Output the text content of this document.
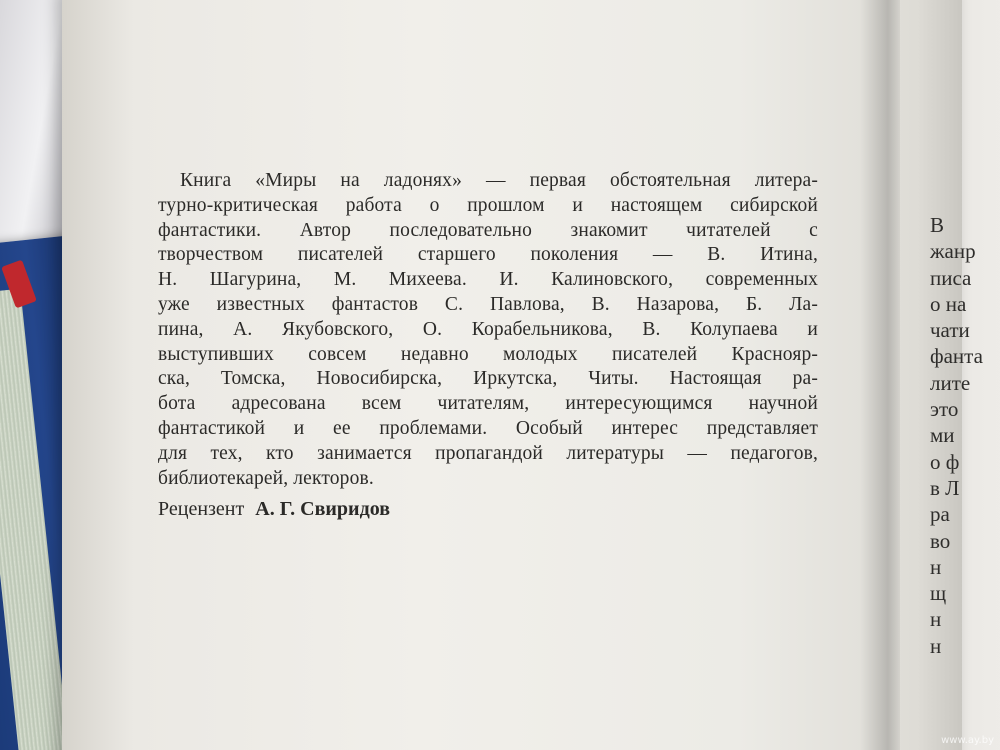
Книга «Миры на ладонях» — первая обстоятельная литера-
турно-критическая работа о прошлом и настоящем сибирской
фантастики. Автор последовательно знакомит читателей с
творчеством писателей старшего поколения — В. Итина,
Н. Шагурина, М. Михеева. И. Калиновского, современных
уже известных фантастов С. Павлова, В. Назарова, Б. Ла-
пина, А. Якубовского, О. Корабельникова, В. Колупаева и
выступивших совсем недавно молодых писателей Краснояр-
ска, Томска, Новосибирска, Иркутска, Читы. Настоящая ра-
бота адресована всем читателям, интересующимся научной
фантастикой и ее проблемами. Особый интерес представляет
для тех, кто занимается пропагандой литературы — педагогов,
библиотекарей, лекторов.
Рецензент А. Г. Свиридов
В
жанр
писа
о на
чати
фанта
лите
это
ми
о ф
в Л
ра
во
н
щ
н
н
www.ay.by
